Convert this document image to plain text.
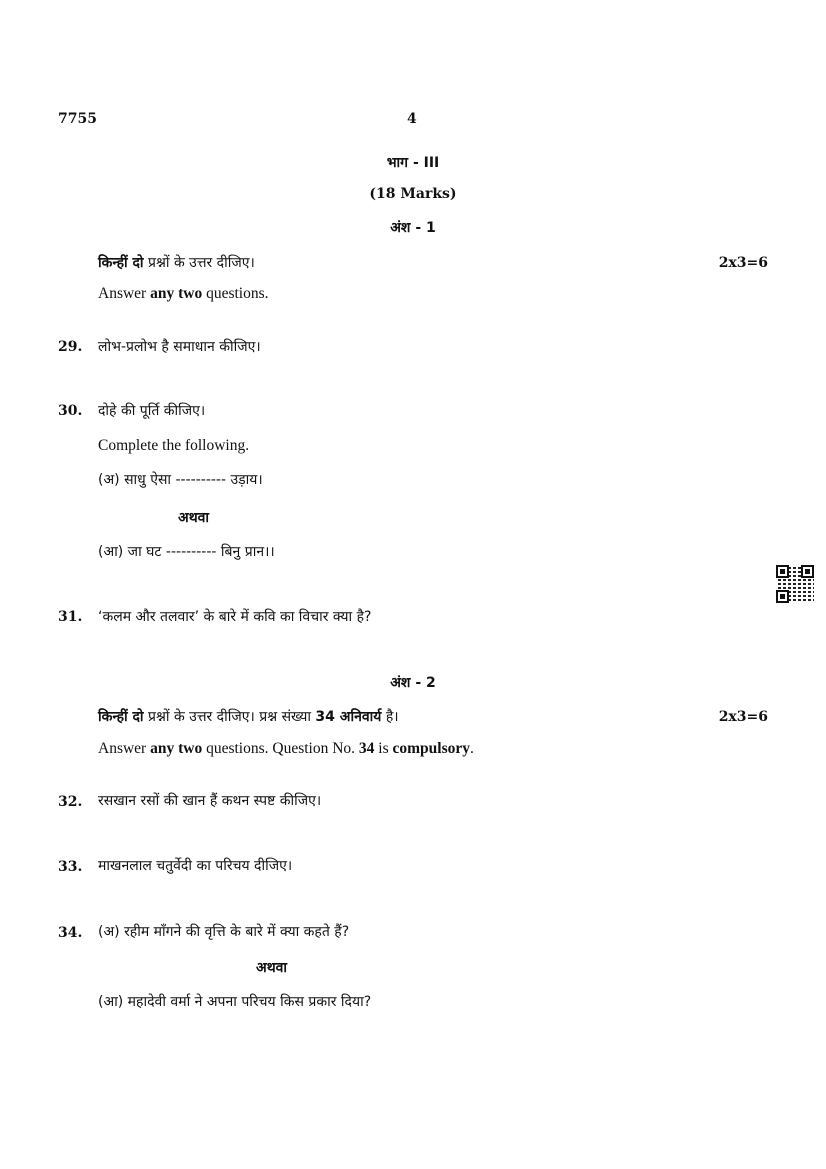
7755	4
भाग - III
(18 Marks)
अंश - 1
किन्हीं दो प्रश्नों के उत्तर दीजिए।	2x3=6
Answer any two questions.
29. लोभ-प्रलोभ है समाधान कीजिए।
30. दोहे की पूर्ति कीजिए।
Complete the following.
(अ) साधु ऐसा ---------- उड़ाय।
अथवा
(आ) जा घट ---------- बिनु प्रान।।
31. ‘कलम और तलवार’ के बारे में कवि का विचार क्या है?
अंश - 2
किन्हीं दो प्रश्नों के उत्तर दीजिए। प्रश्न संख्या 34 अनिवार्य है।	2x3=6
Answer any two questions. Question No. 34 is compulsory.
32. रसखान रसों की खान हैं कथन स्पष्ट कीजिए।
33. माखनलाल चतुर्वेदी का परिचय दीजिए।
34. (अ) रहीम माँगने की वृत्ति के बारे में क्या कहते हैं?
अथवा
(आ) महादेवी वर्मा ने अपना परिचय किस प्रकार दिया?
